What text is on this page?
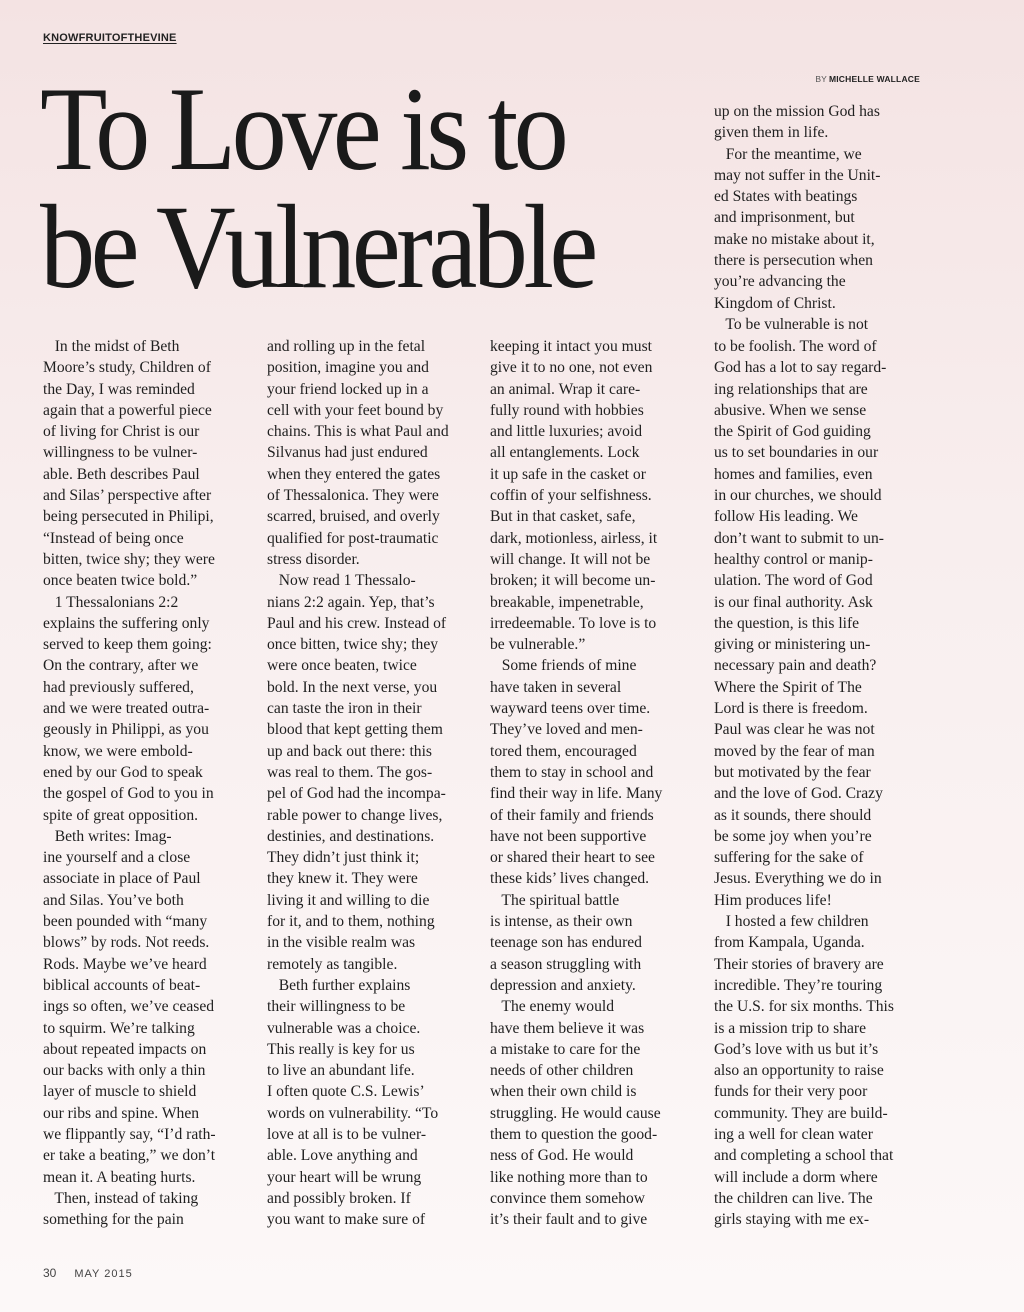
KNOWFRUITOFTHEVINE
BY MICHELLE WALLACE
To Love is to
be Vulnerable
In the midst of Beth
Moore’s study, Children of
the Day, I was reminded
again that a powerful piece
of living for Christ is our
willingness to be vulner-
able. Beth describes Paul
and Silas’ perspective after
being persecuted in Philipi,
“Instead of being once
bitten, twice shy; they were
once beaten twice bold.”
1 Thessalonians 2:2
explains the suffering only
served to keep them going:
On the contrary, after we
had previously suffered,
and we were treated outra-
geously in Philippi, as you
know, we were embold-
ened by our God to speak
the gospel of God to you in
spite of great opposition.
Beth writes: Imag-
ine yourself and a close
associate in place of Paul
and Silas. You’ve both
been pounded with “many
blows” by rods. Not reeds.
Rods. Maybe we’ve heard
biblical accounts of beat-
ings so often, we’ve ceased
to squirm. We’re talking
about repeated impacts on
our backs with only a thin
layer of muscle to shield
our ribs and spine. When
we flippantly say, “I’d rath-
er take a beating,” we don’t
mean it. A beating hurts.
Then, instead of taking
something for the pain
and rolling up in the fetal
position, imagine you and
your friend locked up in a
cell with your feet bound by
chains. This is what Paul and
Silvanus had just endured
when they entered the gates
of Thessalonica. They were
scarred, bruised, and overly
qualified for post-traumatic
stress disorder.
Now read 1 Thessalo-
nians 2:2 again. Yep, that’s
Paul and his crew. Instead of
once bitten, twice shy; they
were once beaten, twice
bold. In the next verse, you
can taste the iron in their
blood that kept getting them
up and back out there: this
was real to them. The gos-
pel of God had the incompa-
rable power to change lives,
destinies, and destinations.
They didn’t just think it;
they knew it. They were
living it and willing to die
for it, and to them, nothing
in the visible realm was
remotely as tangible.
Beth further explains
their willingness to be
vulnerable was a choice.
This really is key for us
to live an abundant life.
I often quote C.S. Lewis’
words on vulnerability. “To
love at all is to be vulner-
able. Love anything and
your heart will be wrung
and possibly broken. If
you want to make sure of
keeping it intact you must
give it to no one, not even
an animal. Wrap it care-
fully round with hobbies
and little luxuries; avoid
all entanglements. Lock
it up safe in the casket or
coffin of your selfishness.
But in that casket, safe,
dark, motionless, airless, it
will change. It will not be
broken; it will become un-
breakable, impenetrable,
irredeemable. To love is to
be vulnerable.”
Some friends of mine
have taken in several
wayward teens over time.
They’ve loved and men-
tored them, encouraged
them to stay in school and
find their way in life. Many
of their family and friends
have not been supportive
or shared their heart to see
these kids’ lives changed.
The spiritual battle
is intense, as their own
teenage son has endured
a season struggling with
depression and anxiety.
The enemy would
have them believe it was
a mistake to care for the
needs of other children
when their own child is
struggling. He would cause
them to question the good-
ness of God. He would
like nothing more than to
convince them somehow
it’s their fault and to give
up on the mission God has
given them in life.
For the meantime, we
may not suffer in the Unit-
ed States with beatings
and imprisonment, but
make no mistake about it,
there is persecution when
you’re advancing the
Kingdom of Christ.
To be vulnerable is not
to be foolish. The word of
God has a lot to say regard-
ing relationships that are
abusive. When we sense
the Spirit of God guiding
us to set boundaries in our
homes and families, even
in our churches, we should
follow His leading. We
don’t want to submit to un-
healthy control or manip-
ulation. The word of God
is our final authority. Ask
the question, is this life
giving or ministering un-
necessary pain and death?
Where the Spirit of The
Lord is there is freedom.
Paul was clear he was not
moved by the fear of man
but motivated by the fear
and the love of God. Crazy
as it sounds, there should
be some joy when you’re
suffering for the sake of
Jesus. Everything we do in
Him produces life!
I hosted a few children
from Kampala, Uganda.
Their stories of bravery are
incredible. They’re touring
the U.S. for six months. This
is a mission trip to share
God’s love with us but it’s
also an opportunity to raise
funds for their very poor
community. They are build-
ing a well for clean water
and completing a school that
will include a dorm where
the children can live. The
girls staying with me ex-
30 MAY 2015
